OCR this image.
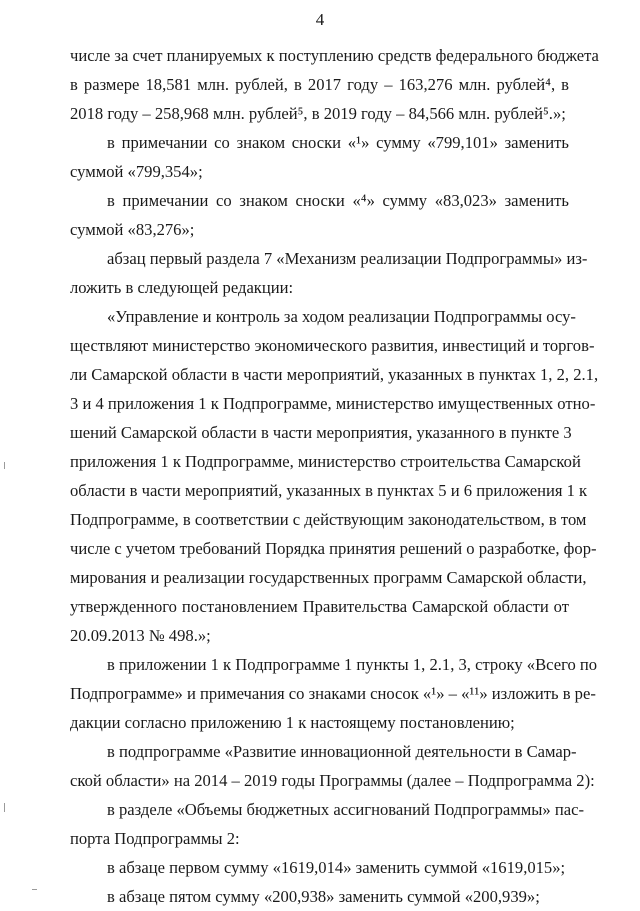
4
числе за счет планируемых к поступлению средств федерального бюджета
в размере 18,581 млн. рублей, в 2017 году – 163,276 млн. рублей⁴, в
2018 году – 258,968 млн. рублей⁵, в 2019 году – 84,566 млн. рублей⁵.»;
в примечании со знаком сноски «¹» сумму «799,101» заменить
суммой «799,354»;
в примечании со знаком сноски «⁴» сумму «83,023» заменить
суммой «83,276»;
абзац первый раздела 7 «Механизм реализации Подпрограммы» из-
ложить в следующей редакции:
«Управление и контроль за ходом реализации Подпрограммы осу-
ществляют министерство экономического развития, инвестиций и торгов-
ли Самарской области в части мероприятий, указанных в пунктах 1, 2, 2.1,
3 и 4 приложения 1 к Подпрограмме, министерство имущественных отно-
шений Самарской области в части мероприятия, указанного в пункте 3
приложения 1 к Подпрограмме, министерство строительства Самарской
области в части мероприятий, указанных в пунктах 5 и 6 приложения 1 к
Подпрограмме, в соответствии с действующим законодательством, в том
числе с учетом требований Порядка принятия решений о разработке, фор-
мирования и реализации государственных программ Самарской области,
утвержденного постановлением Правительства Самарской области от
20.09.2013 № 498.»;
в приложении 1 к Подпрограмме 1 пункты 1, 2.1, 3, строку «Всего по
Подпрограмме» и примечания со знаками сносок «¹» – «¹¹» изложить в ре-
дакции согласно приложению 1 к настоящему постановлению;
в подпрограмме «Развитие инновационной деятельности в Самар-
ской области» на 2014 – 2019 годы Программы (далее – Подпрограмма 2):
в разделе «Объемы бюджетных ассигнований Подпрограммы» пас-
порта Подпрограммы 2:
в абзаце первом сумму «1619,014» заменить суммой «1619,015»;
в абзаце пятом сумму «200,938» заменить суммой «200,939»;
